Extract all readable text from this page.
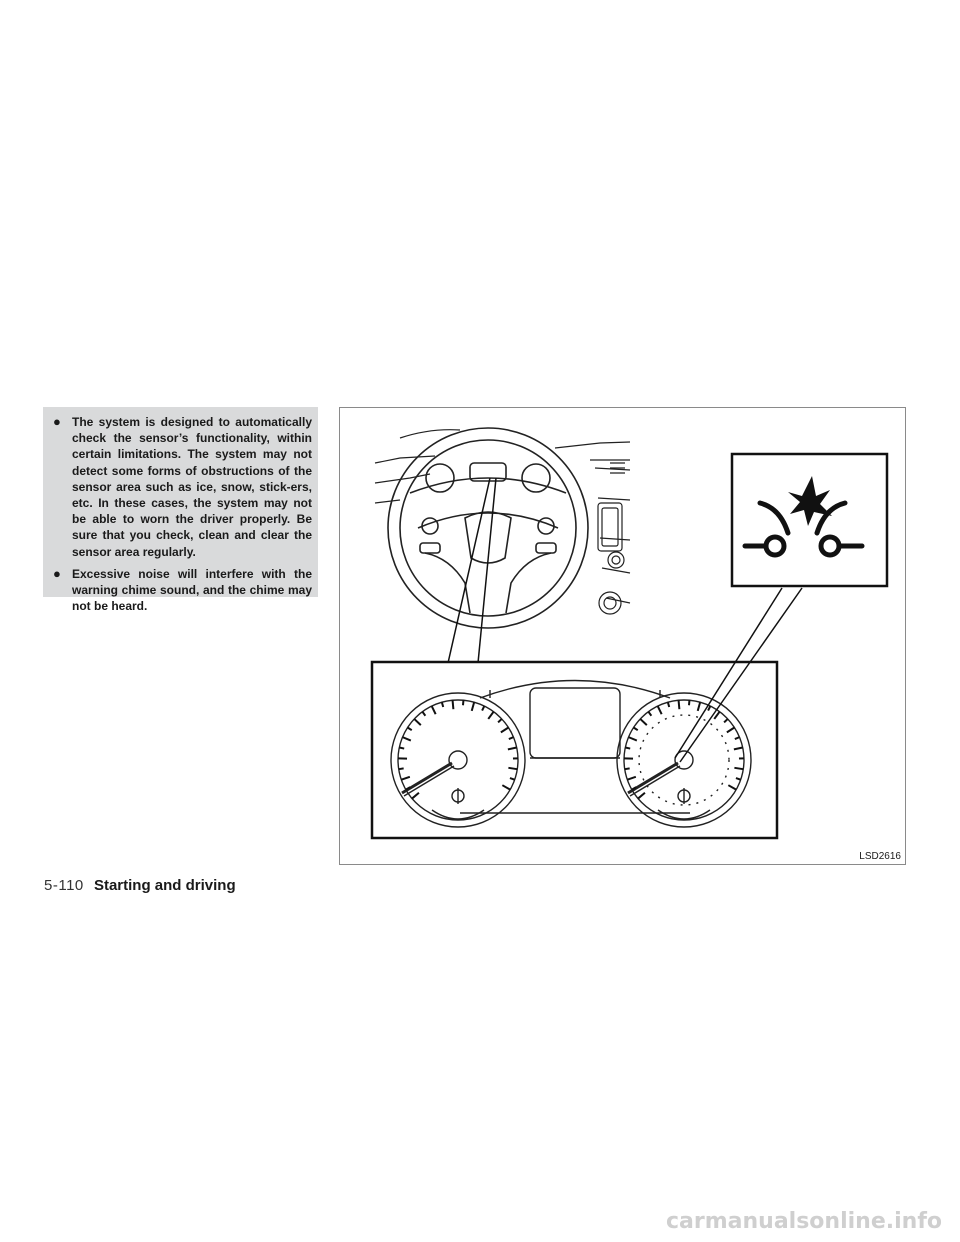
● The system is designed to automatically check the sensor’s functionality, within certain limitations. The system may not detect some forms of obstructions of the sensor area such as ice, snow, stick-ers, etc. In these cases, the system may not be able to worn the driver properly. Be sure that you check, clean and clear the sensor area regularly.
● Excessive noise will interfere with the warning chime sound, and the chime may not be heard.
LSD2616
5-110 Starting and driving
carmanualsonline.info
